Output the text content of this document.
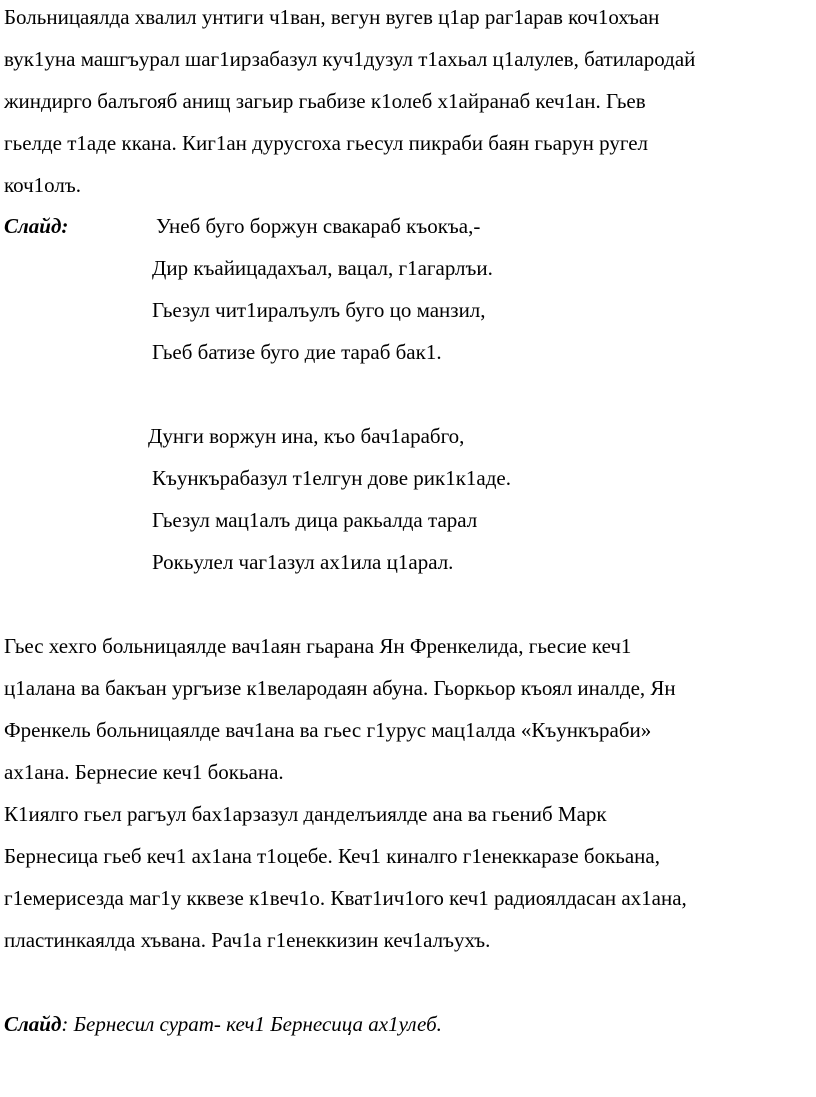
Больницаялда хвалил унтиги ч1ван, вегун вугев ц1ар раг1арав коч1охъан
вук1уна машгъурал шаг1ирзабазул куч1дузул т1ахьал ц1алулев, батилародай
жиндирго балъгояб анищ загьир гьабизе к1олеб х1айранаб кеч1ан. Гьев
гьелде т1аде ккана. Киг1ан дурусгоха гьесул пикраби баян гьарун ругел
коч1олъ.
Слайд:	Унеб буго боржун свакараб къокъа,-
Дир къайицадахъал, вацал, г1агарлъи.
Гьезул чит1иралъулъ буго цо манзил,
Гьеб батизе буго дие тараб бак1.
Дунги воржун ина, къо бач1арабго,
Къункърабазул т1елгун дове рик1к1аде.
Гьезул мац1алъ дица ракьалда тарал
Рокьулел чаг1азул ах1ила ц1арал.
Гьес хехго больницаялде вач1аян гьарана Ян Френкелида, гьесие кеч1
ц1алана ва бакъан ургъизе к1велародаян абуна. Гьоркьор къоял иналде, Ян
Френкель больницаялде вач1ана ва гьес г1урус мац1алда «Къункъраби»
ах1ана. Бернесие кеч1 бокьана.
К1иялго гьел рагъул бах1арзазул данделъиялде ана ва гьениб Марк
Бернесица гьеб кеч1 ах1ана т1оцебе. Кеч1 киналго г1енеккаразе бокьана,
г1емерисезда маг1у кквезе к1веч1о. Кват1ич1ого кеч1 радиоялдасан ах1ана,
пластинкаялда хъвана. Рач1а г1енеккизин кеч1алъухъ.
Слайд: Бернесил сурат- кеч1 Бернесица ах1улеб.
